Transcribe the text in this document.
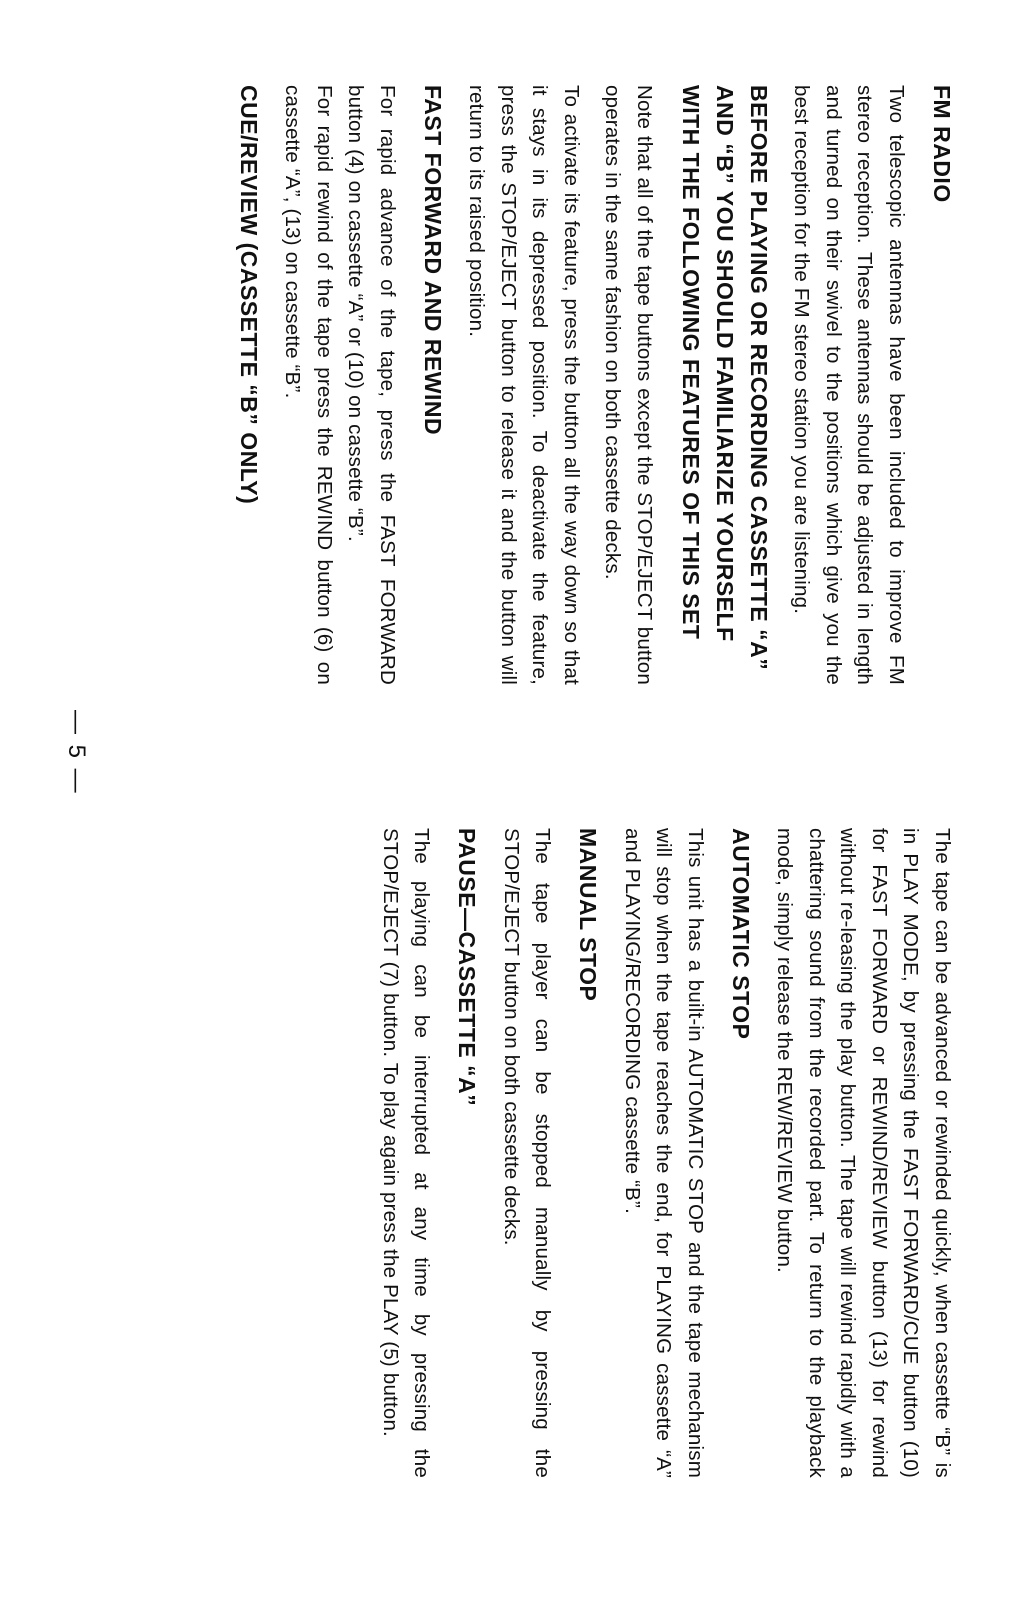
FM RADIO

Two telescopic antennas have been included to improve FM stereo reception. These antennas should be adjusted in length and turned on their swivel to the positions which give you the best reception for the FM stereo station you are listening.

BEFORE PLAYING OR RECORDING CASSETTE “A” AND “B” YOU SHOULD FAMILIARIZE YOURSELF WITH THE FOLLOWING FEATURES OF THIS SET

Note that all of the tape buttons except the STOP/EJECT button operates in the same fashion on both cassette decks.

To activate its feature, press the button all the way down so that it stays in its depressed position. To deactivate the feature, press the STOP/EJECT button to release it and the button will return to its raised position.

FAST FORWARD AND REWIND

For rapid advance of the tape, press the FAST FORWARD button (4) on cassette “A” or (10) on cassette “B”.

For rapid rewind of the tape press the REWIND button (6) on cassette “A”, (13) on cassette “B”.

CUE/REVIEW (CASSETTE “B” ONLY)
— 5 —

The tape can be advanced or rewinded quickly, when cassette “B” is in PLAY MODE, by pressing the FAST FORWARD/CUE button (10) for FAST FORWARD or REWIND/REVIEW button (13) for rewind without re-leasing the play button. The tape will rewind rapidly with a chattering sound from the recorded part. To return to the playback mode, simply release the REW/REVIEW button.

AUTOMATIC STOP

This unit has a built-in AUTOMATIC STOP and the tape mechanism will stop when the tape reaches the end, for PLAYING cassette “A” and PLAYING/RECORDING cassette “B”.

MANUAL STOP

The tape player can be stopped manually by pressing the STOP/EJECT button on both cassette decks.

PAUSE—CASSETTE “A”

The playing can be interrupted at any time by pressing the STOP/EJECT (7) button. To play again press the PLAY (5) button.
